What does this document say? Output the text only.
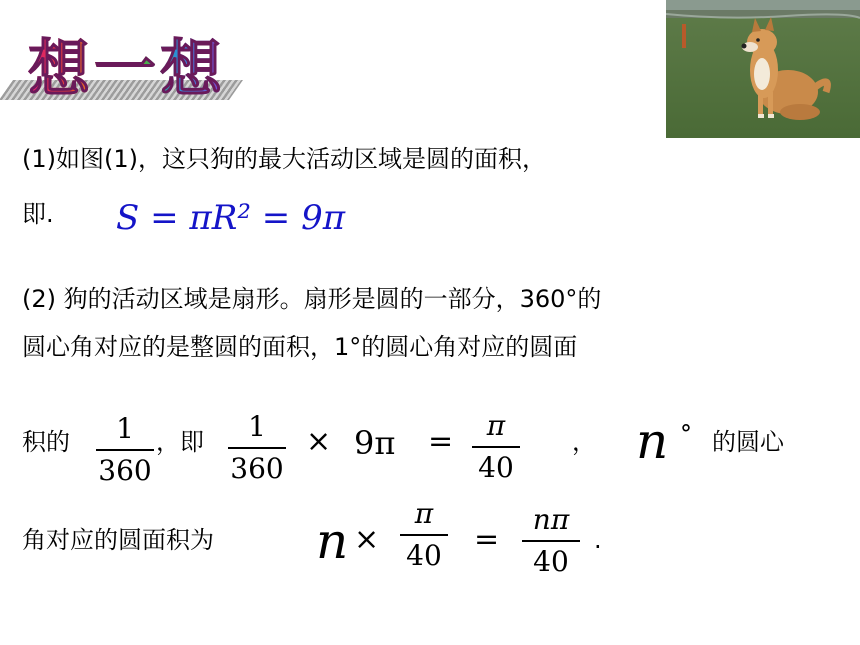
想一想
(1)如图(1)，这只狗的最大活动区域是圆的面积，
即. S = πR² = 9π
(2) 狗的活动区域是扇形。扇形是圆的一部分，360°的
圆心角对应的是整圆的面积，1°的圆心角对应的圆面
积的	1
360
，即	1
360
× 9π =	π
40
， n ° 的圆心
角对应的圆面积为 n ×
π
40 =
nπ
40
.
